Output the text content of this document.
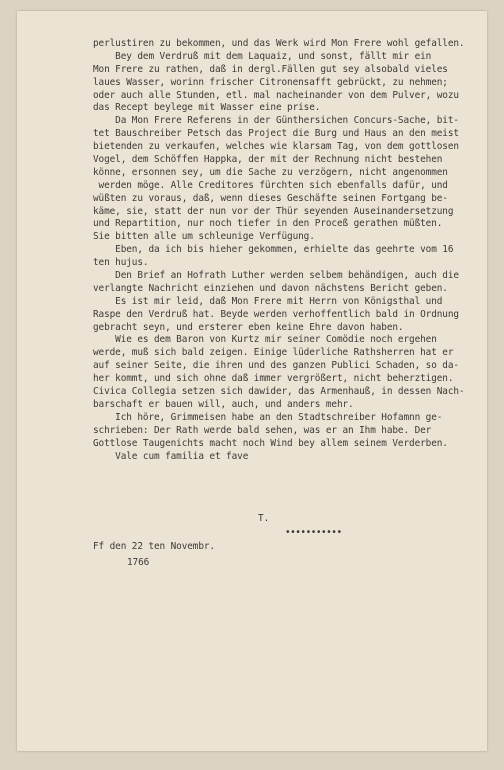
perlustiren zu bekommen, und das Werk wird Mon Frere wohl gefallen.
Bey dem Verdruß mit dem Laquaiz, und sonst, fällt mir ein
Mon Frere zu rathen, daß in dergl.Fällen gut sey alsobald vieles
laues Wasser, worinn frischer Citronensafft gebrückt, zu nehmen;
oder auch alle Stunden, etl. mal nacheinander von dem Pulver, wozu
das Recept beylege mit Wasser eine prise.
Da Mon Frere Referens in der Günthersichen Concurs-Sache, bit-
tet Bauschreiber Petsch das Project die Burg und Haus an den meist
bietenden zu verkaufen, welches wie klarsam Tag, von dem gottlosen
Vogel, dem Schöffen Happka, der mit der Rechnung nicht bestehen
könne, ersonnen sey, um die Sache zu verzögern, nicht angenommen
werden möge. Alle Creditores fürchten sich ebenfalls dafür, und
wüßten zu voraus, daß, wenn dieses Geschäfte seinen Fortgang be-
käme, sie, statt der nun vor der Thür seyenden Auseinandersetzung
und Repartition, nur noch tiefer in den Proceß gerathen müßten.
Sie bitten alle um schleunige Verfügung.
Eben, da ich bis hieher gekommen, erhielte das geehrte vom 16
ten hujus.
Den Brief an Hofrath Luther werden selbem behändigen, auch die
verlangte Nachricht einziehen und davon nächstens Bericht geben.
Es ist mir leid, daß Mon Frere mit Herrn von Königsthal und
Raspe den Verdruß hat. Beyde werden verhoffentlich bald in Ordnung
gebracht seyn, und ersterer eben keine Ehre davon haben.
Wie es dem Baron von Kurtz mir seiner Comödie noch ergehen
werde, muß sich bald zeigen. Einige lüderliche Rathsherren hat er
auf seiner Seite, die ihren und des ganzen Publici Schaden, so da-
her kommt, und sich ohne daß immer vergrößert, nicht beherztigen.
Civica Collegia setzen sich dawider, das Armenhauß, in dessen Nach-
barschaft er bauen will, auch, und anders mehr.
Ich höre, Grimmeisen habe an den Stadtschreiber Hofamnn ge-
schrieben: Der Rath werde bald sehen, was er an Ihm habe. Der
Gottlose Taugenichts macht noch Wind bey allem seinem Verderben.
Vale cum familia et fave
T.
•••••••••••
Ff den 22 ten Novembr.
1766
